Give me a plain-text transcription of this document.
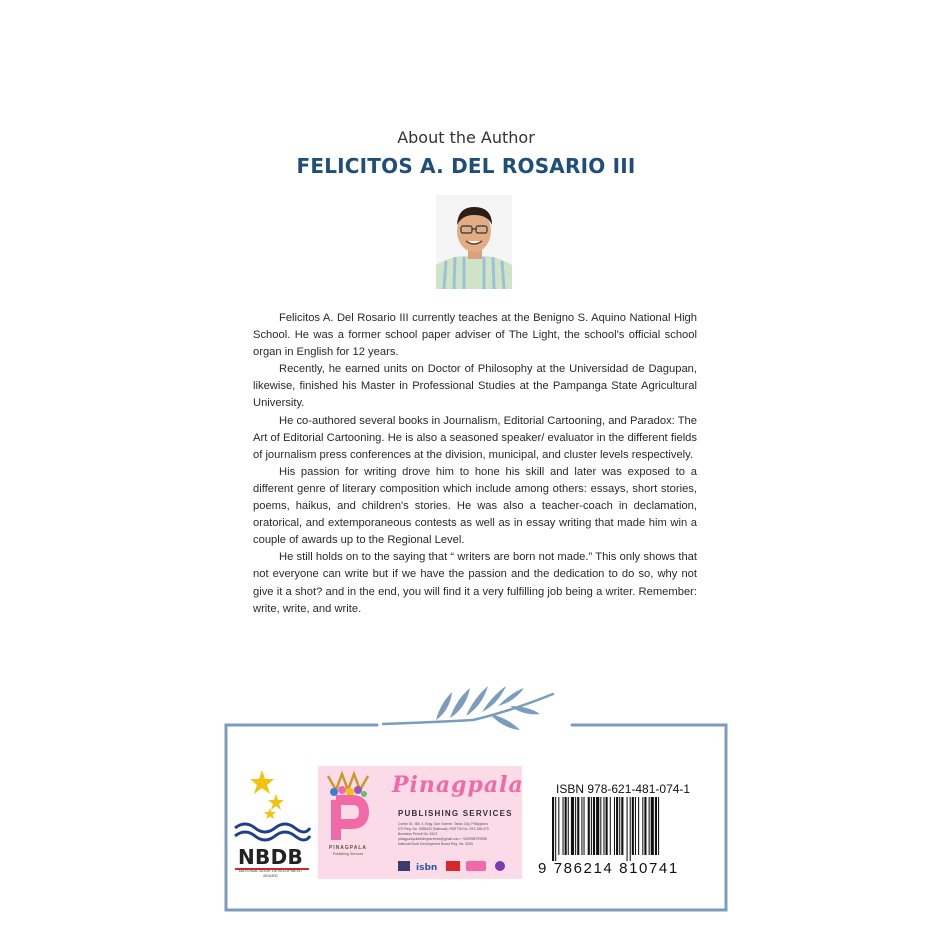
About the Author
FELICITOS A. DEL ROSARIO III

Felicitos A. Del Rosario III currently teaches at the Benigno S. Aquino National High School. He was a former school paper adviser of The Light, the school's official school organ in English for 12 years.

Recently, he earned units on Doctor of Philosophy at the Universidad de Dagupan, likewise, finished his Master in Professional Studies at the Pampanga State Agricultural University.

He co-authored several books in Journalism, Editorial Cartooning, and Paradox: The Art of Editorial Cartooning. He is also a seasoned speaker/ evaluator in the different fields of journalism press conferences at the division, municipal, and cluster levels respectively.

His passion for writing drove him to hone his skill and later was exposed to a different genre of literary composition which include among others: essays, short stories, poems, haikus, and children's stories. He was also a teacher-coach in declamation, oratorical, and extemporaneous contests as well as in essay writing that made him win a couple of awards up to the Regional Level.

He still holds on to the saying that “ writers are born not made.” This only shows that not everyone can write but if we have the passion and the dedication to do so, why not give it a shot? and in the end, you will find it a very fulfilling job being a writer. Remember: write, write, and write.

NBDB
NATIONAL BOOK DEVELOPMENT BOARD
PINAGPALA
Publishing Services
Pinagpala
PUBLISHING SERVICES
Cortez St., Blk. 4, Brgy. San Vicente, Tarlac City, Philippines
DTI Reg. No. 3058420 (National) / BIR TIN No. 293-158-479
Business Permit No. 8103
pinagpalapublishingservices@gmail.com / +639958799958
National Book Development Board Reg. No. 3269
isbn
ISBN 978-621-481-074-1
9 786214 810741
